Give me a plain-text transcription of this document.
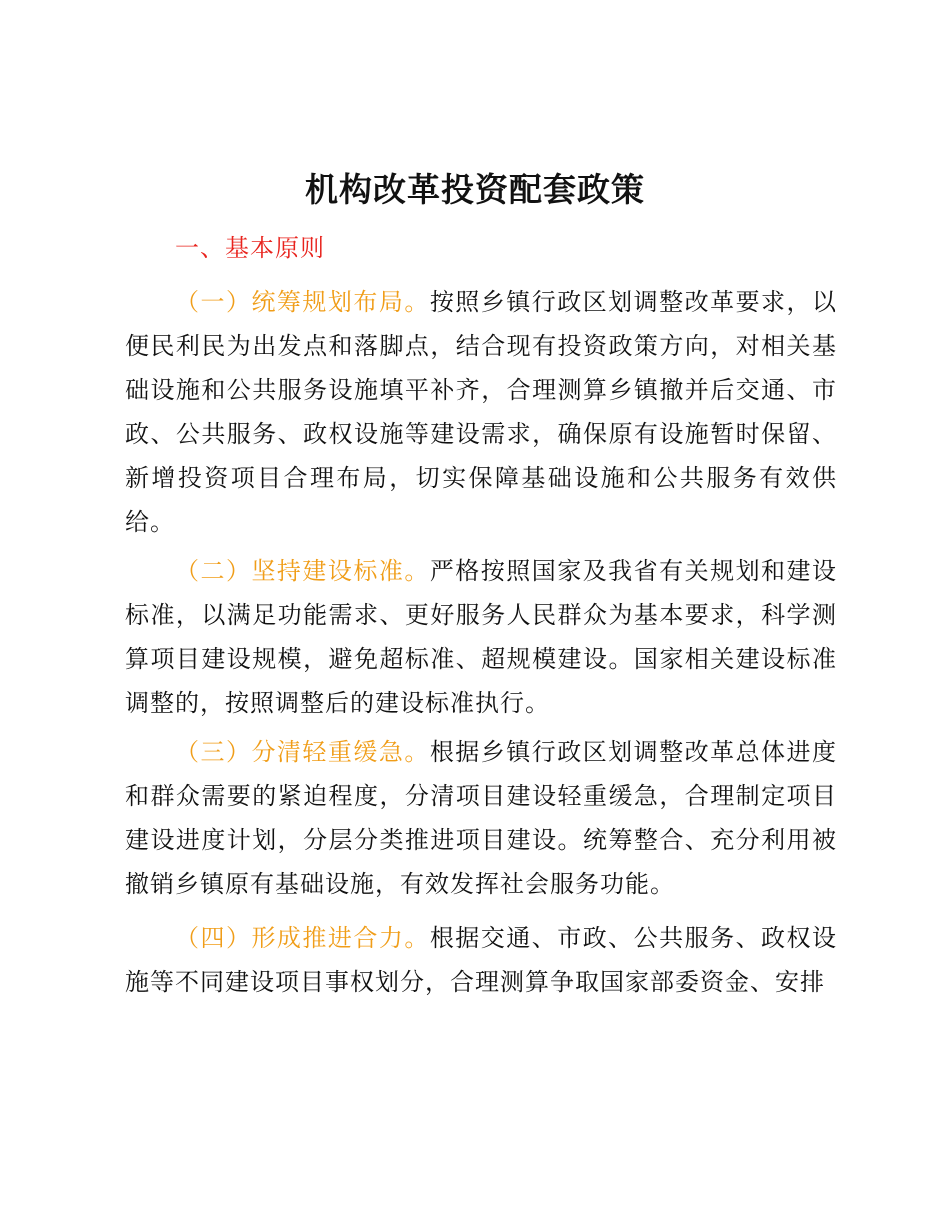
机构改革投资配套政策
一、基本原则

（一）统筹规划布局。按照乡镇行政区划调整改革要求，以便民利民为出发点和落脚点，结合现有投资政策方向，对相关基础设施和公共服务设施填平补齐，合理测算乡镇撤并后交通、市政、公共服务、政权设施等建设需求，确保原有设施暂时保留、新增投资项目合理布局，切实保障基础设施和公共服务有效供给。

（二）坚持建设标准。严格按照国家及我省有关规划和建设标准，以满足功能需求、更好服务人民群众为基本要求，科学测算项目建设规模，避免超标准、超规模建设。国家相关建设标准调整的，按照调整后的建设标准执行。

（三）分清轻重缓急。根据乡镇行政区划调整改革总体进度和群众需要的紧迫程度，分清项目建设轻重缓急，合理制定项目建设进度计划，分层分类推进项目建设。统筹整合、充分利用被撤销乡镇原有基础设施，有效发挥社会服务功能。

（四）形成推进合力。根据交通、市政、公共服务、政权设施等不同建设项目事权划分，合理测算争取国家部委资金、安排
